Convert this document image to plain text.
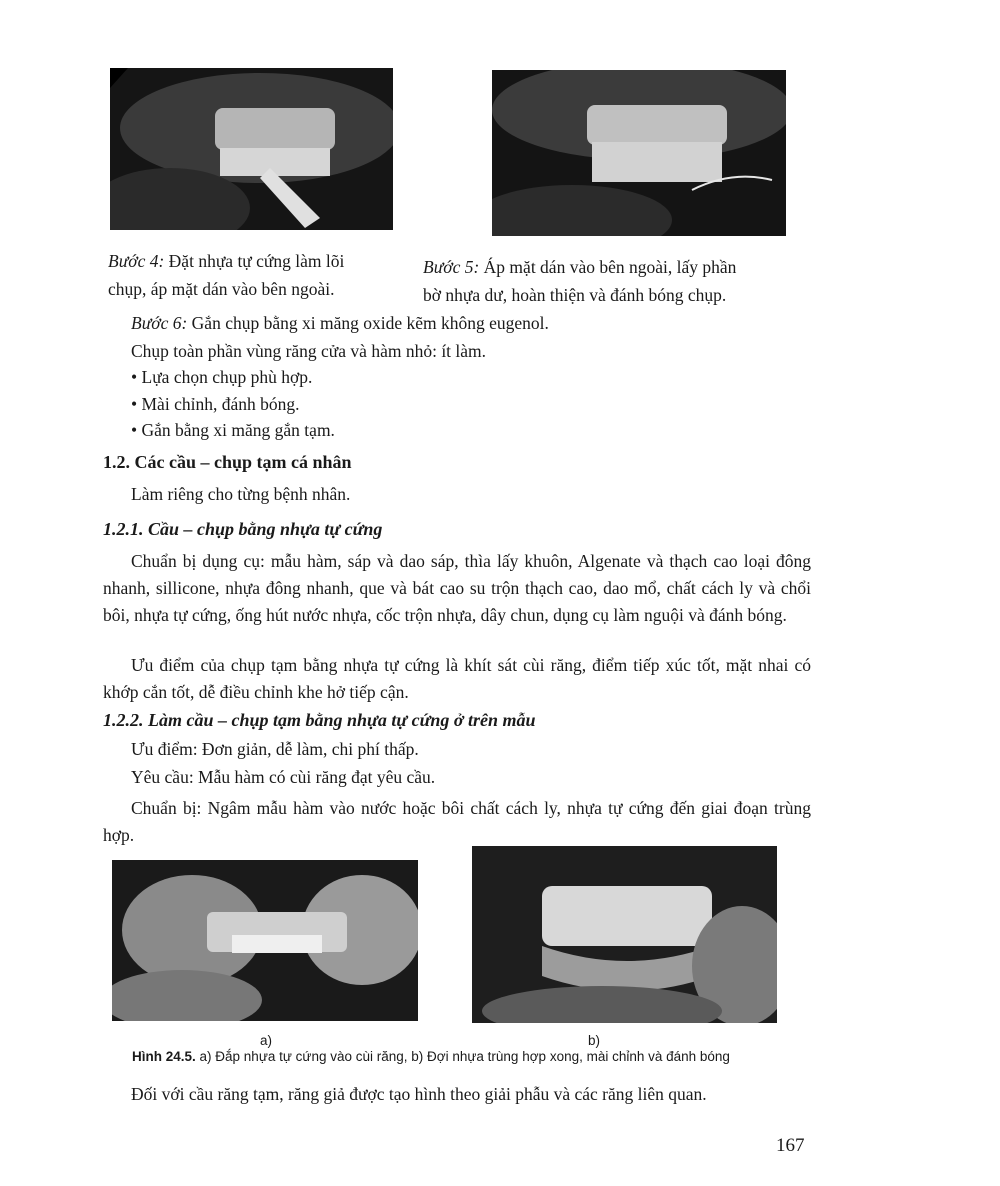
Bước 4: Đặt nhựa tự cứng làm lõi
chụp, áp mặt dán vào bên ngoài.
Bước 5: Áp mặt dán vào bên ngoài, lấy phần
bờ nhựa dư, hoàn thiện và đánh bóng chụp.
Bước 6: Gắn chụp bằng xi măng oxide kẽm không eugenol.
Chụp toàn phần vùng răng cửa và hàm nhỏ: ít làm.
• Lựa chọn chụp phù hợp.
• Mài chỉnh, đánh bóng.
• Gắn bằng xi măng gắn tạm.
1.2. Các cầu – chụp tạm cá nhân
Làm riêng cho từng bệnh nhân.
1.2.1. Cầu – chụp bằng nhựa tự cứng
Chuẩn bị dụng cụ: mẫu hàm, sáp và dao sáp, thìa lấy khuôn, Algenate và thạch cao loại đông nhanh, sillicone, nhựa đông nhanh, que và bát cao su trộn thạch cao, dao mổ, chất cách ly và chổi bôi, nhựa tự cứng, ống hút nước nhựa, cốc trộn nhựa, dây chun, dụng cụ làm nguội và đánh bóng.
Ưu điểm của chụp tạm bằng nhựa tự cứng là khít sát cùi răng, điểm tiếp xúc tốt, mặt nhai có khớp cắn tốt, dễ điều chỉnh khe hở tiếp cận.
1.2.2. Làm cầu – chụp tạm bằng nhựa tự cứng ở trên mẫu
Ưu điểm: Đơn giản, dễ làm, chi phí thấp.
Yêu cầu: Mẫu hàm có cùi răng đạt yêu cầu.
Chuẩn bị: Ngâm mẫu hàm vào nước hoặc bôi chất cách ly, nhựa tự cứng đến giai đoạn trùng hợp.
a)	b)
Hình 24.5. a) Đắp nhựa tự cứng vào cùi răng, b) Đợi nhựa trùng hợp xong, mài chỉnh và đánh bóng
Đối với cầu răng tạm, răng giả được tạo hình theo giải phẫu và các răng liên quan.
167
